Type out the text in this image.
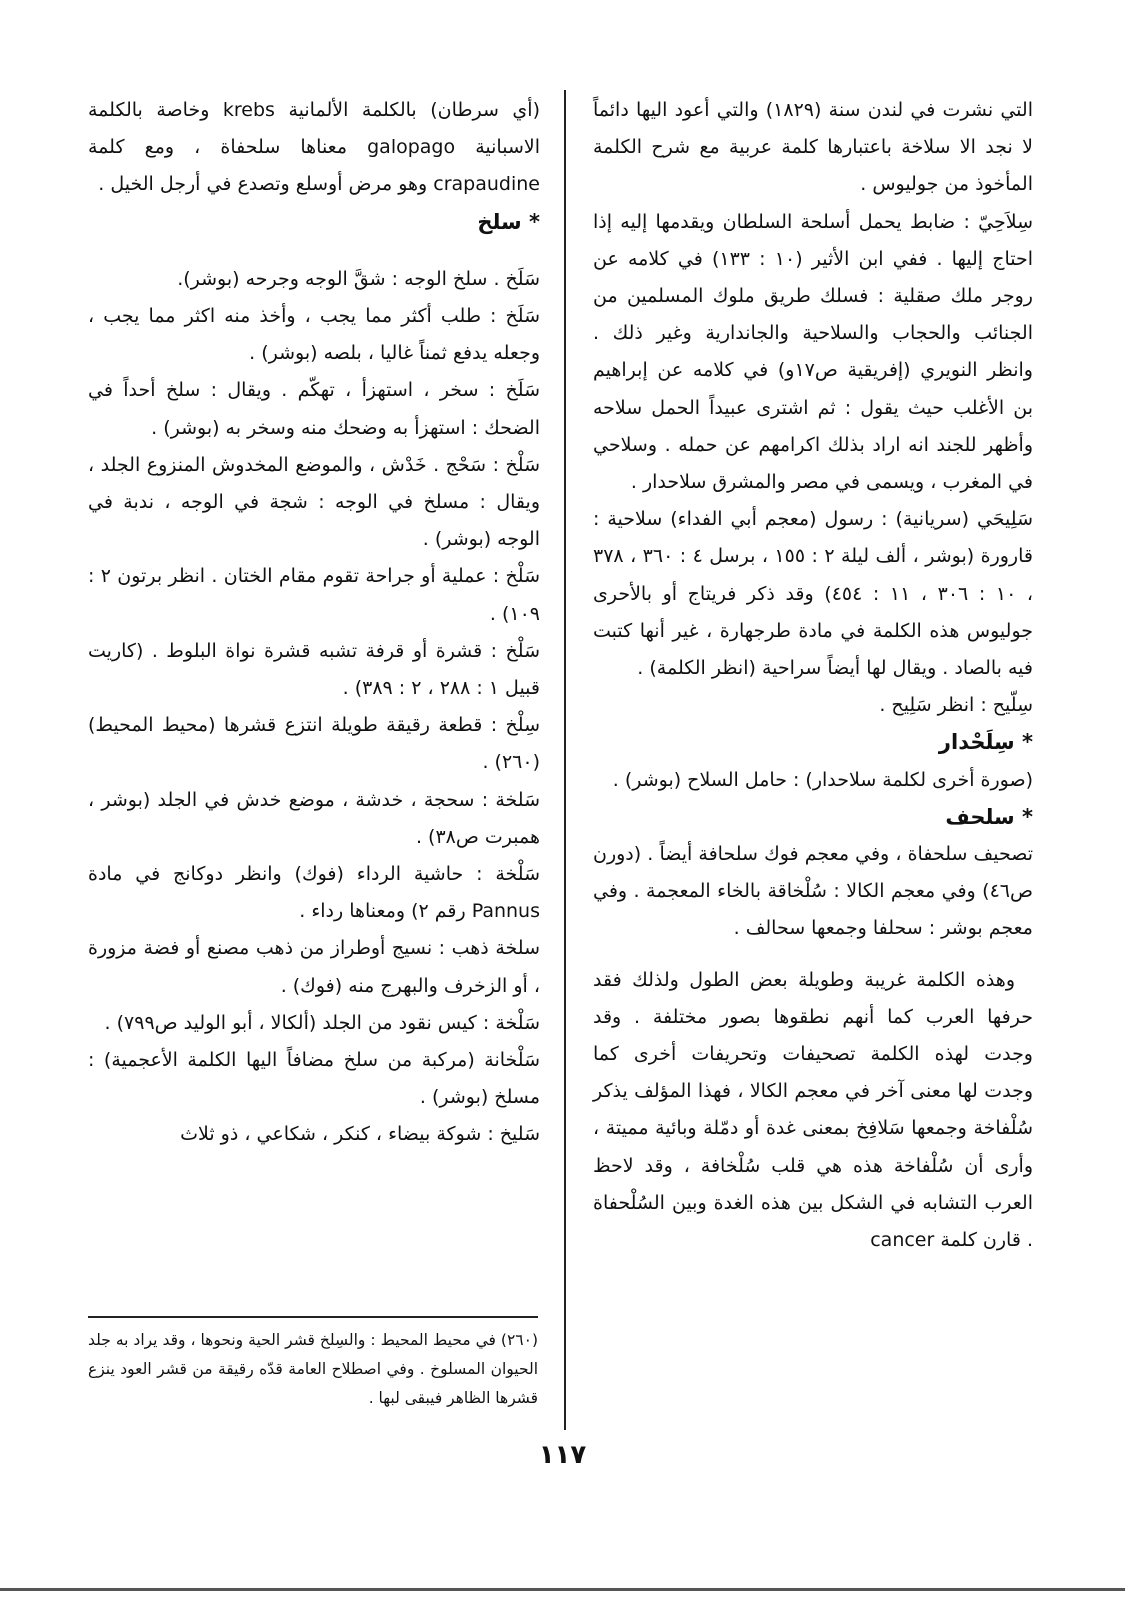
التي نشرت في لندن سنة (١٨٢٩) والتي أعود اليها دائماً لا نجد الا سلاخة باعتبارها كلمة عربية مع شرح الكلمة المأخوذ من جوليوس .

سِلاَحِيّ : ضابط يحمل أسلحة السلطان ويقدمها إليه إذا احتاج إليها . ففي ابن الأثير (١٠ : ١٣٣) في كلامه عن روجر ملك صقلية : فسلك طريق ملوك المسلمين من الجنائب والحجاب والسلاحية والجاندارية وغير ذلك . وانظر النويري (إفريقية ص١٧و) في كلامه عن إبراهيم بن الأغلب حيث يقول : ثم اشترى عبيداً الحمل سلاحه وأظهر للجند انه اراد بذلك اكرامهم عن حمله . وسلاحي في المغرب ، ويسمى في مصر والمشرق سلاحدار .

سَلِيحَي (سريانية) : رسول (معجم أبي الفداء) سلاحية : قارورة (بوشر ، ألف ليلة ٢ : ١٥٥ ، برسل ٤ : ٣٦٠ ، ٣٧٨ ، ١٠ : ٣٠٦ ، ١١ : ٤٥٤) وقد ذكر فريتاج أو بالأحرى جوليوس هذه الكلمة في مادة طرجهارة ، غير أنها كتبت فيه بالصاد . ويقال لها أيضاً سراحية (انظر الكلمة) .

سِلّيح : انظر سَلِيح .

* سِلَحْدار

(صورة أخرى لكلمة سلاحدار) : حامل السلاح (بوشر) .

* سلحف

تصحيف سلحفاة ، وفي معجم فوك سلحافة أيضاً . (دورن ص٤٦) وفي معجم الكالا : سُلْخاقة بالخاء المعجمة . وفي معجم بوشر : سحلفا وجمعها سحالف .

وهذه الكلمة غريبة وطويلة بعض الطول ولذلك فقد حرفها العرب كما أنهم نطقوها بصور مختلفة . وقد وجدت لهذه الكلمة تصحيفات وتحريفات أخرى كما وجدت لها معنى آخر في معجم الكالا ، فهذا المؤلف يذكر سُلْفاخة وجمعها سَلافِخ بمعنى غدة أو دمّلة وبائية مميتة ، وأرى أن سُلْفاخة هذه هي قلب سُلْخافة ، وقد لاحظ العرب التشابه في الشكل بين هذه الغدة وبين السُلْحفاة . قارن كلمة cancer

(أي سرطان) بالكلمة الألمانية krebs وخاصة بالكلمة الاسبانية galopago معناها سلحفاة ، ومع كلمة crapaudine وهو مرض أوسلع وتصدع في أرجل الخيل .

* سلخ

سَلَخ . سلخ الوجه : شقَّ الوجه وجرحه (بوشر).

سَلَخ : طلب أكثر مما يجب ، وأخذ منه اكثر مما يجب ، وجعله يدفع ثمناً غاليا ، بلصه (بوشر) .

سَلَخ : سخر ، استهزأ ، تهكّم . ويقال : سلخ أحداً في الضحك : استهزأ به وضحك منه وسخر به (بوشر) .

سَلْخ : سَحْج . خَدْش ، والموضع المخدوش المنزوع الجلد ، ويقال : مسلخ في الوجه : شجة في الوجه ، ندبة في الوجه (بوشر) .

سَلْخ : عملية أو جراحة تقوم مقام الختان . انظر برتون ٢ : ١٠٩) .

سَلْخ : قشرة أو قرفة تشبه قشرة نواة البلوط . (كاريت قبيل ١ : ٢٨٨ ، ٢ : ٣٨٩) .

سِلْخ : قطعة رقيقة طويلة انتزع قشرها (محيط المحيط) (٢٦٠) .

سَلخة : سحجة ، خدشة ، موضع خدش في الجلد (بوشر ، همبرت ص٣٨) .

سَلْخة : حاشية الرداء (فوك) وانظر دوكانج في مادة Pannus رقم ٢) ومعناها رداء .

سلخة ذهب : نسيج أوطراز من ذهب مصنع أو فضة مزورة ، أو الزخرف والبهرج منه (فوك) .

سَلْخة : كيس نقود من الجلد (ألكالا ، أبو الوليد ص٧٩٩) .

سَلْخانة (مركبة من سلخ مضافاً اليها الكلمة الأعجمية) : مسلخ (بوشر) .

سَليخ : شوكة بيضاء ، كنكر ، شكاعي ، ذو ثلاث

(٢٦٠) في محيط المحيط : والسِلخ قشر الحية ونحوها ، وقد يراد به جلد الحيوان المسلوخ . وفي اصطلاح العامة قدّه رقيقة من قشر العود ينزع قشرها الظاهر فيبقى لبها .

١١٧
